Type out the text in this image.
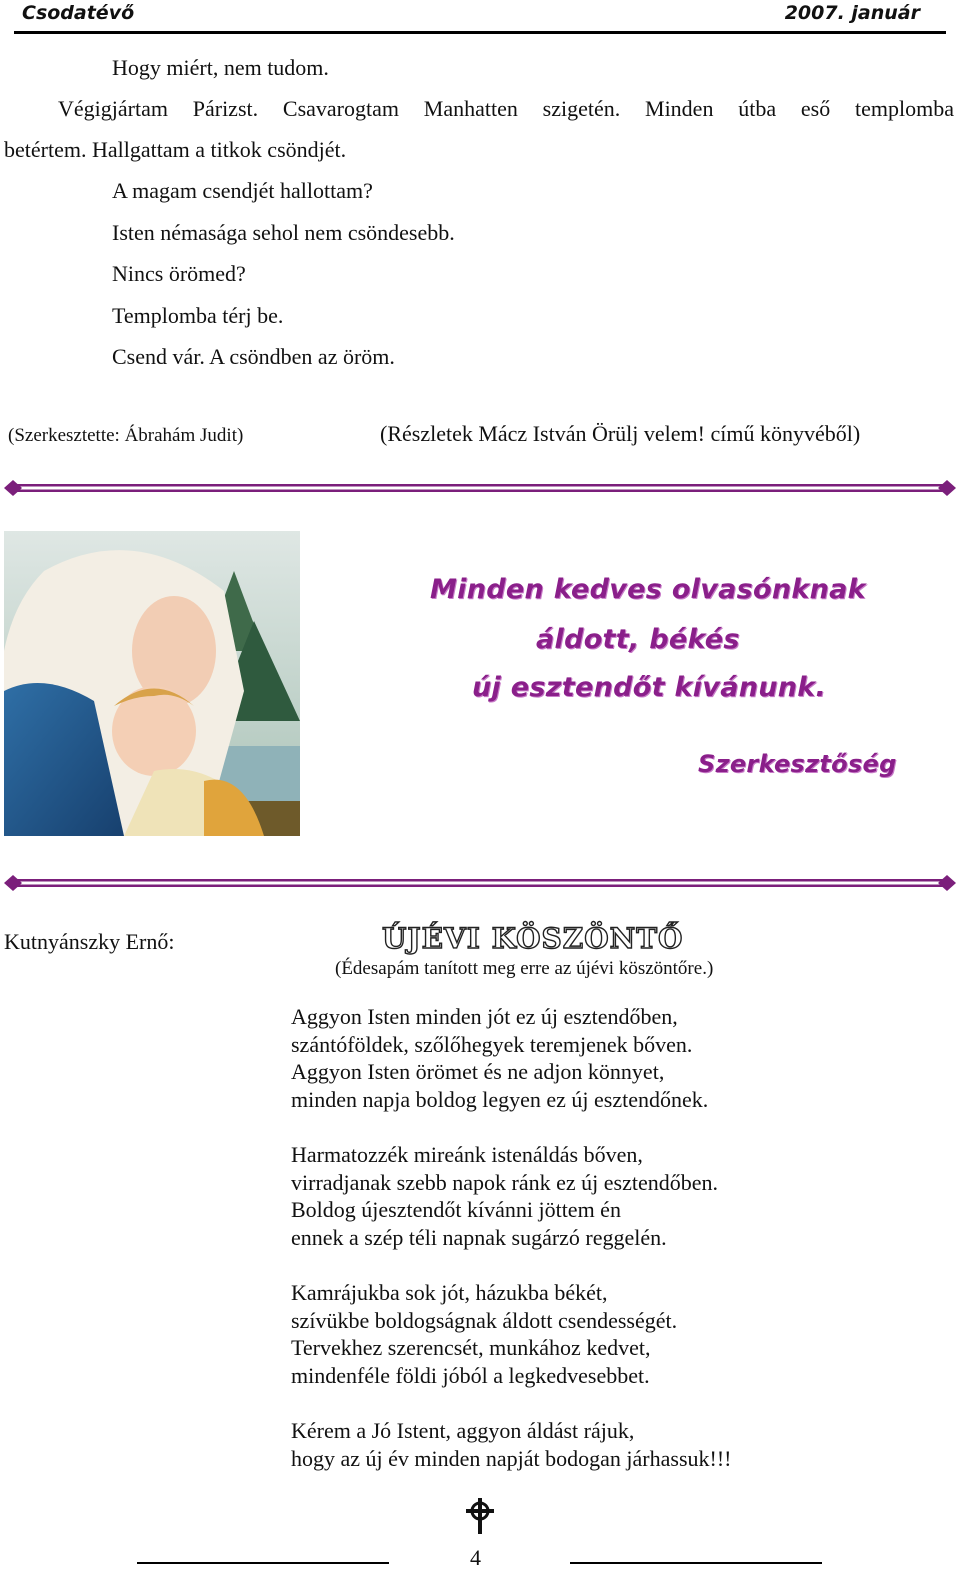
Csodatévő	2007. január
Hogy miért, nem tudom.
Végigjártam Párizst. Csavarogtam Manhatten szigetén. Minden útba eső templomba
betértem. Hallgattam a titkok csöndjét.
A magam csendjét hallottam?
Isten némasága sehol nem csöndesebb.
Nincs örömed?
Templomba térj be.
Csend vár. A csöndben az öröm.
(Szerkesztette: Ábrahám Judit)	(Részletek Mácz István Örülj velem! című könyvéből)
Minden kedves olvasónknak
áldott, békés
új esztendőt kívánunk.
Szerkesztőség
Kutnyánszky Ernő:	ÚJÉVI KÖSZÖNTŐ
(Édesapám tanított meg erre az újévi köszöntőre.)
Aggyon Isten minden jót ez új esztendőben,
szántóföldek, szőlőhegyek teremjenek bőven.
Aggyon Isten örömet és ne adjon könnyet,
minden napja boldog legyen ez új esztendőnek.
Harmatozzék mireánk istenáldás bőven,
virradjanak szebb napok ránk ez új esztendőben.
Boldog újesztendőt kívánni jöttem én
ennek a szép téli napnak sugárzó reggelén.
Kamrájukba sok jót, házukba békét,
szívükbe boldogságnak áldott csendességét.
Tervekhez szerencsét, munkához kedvet,
mindenféle földi jóból a legkedvesebbet.
Kérem a Jó Istent, aggyon áldást rájuk,
hogy az új év minden napját bodogan járhassuk!!!
4
